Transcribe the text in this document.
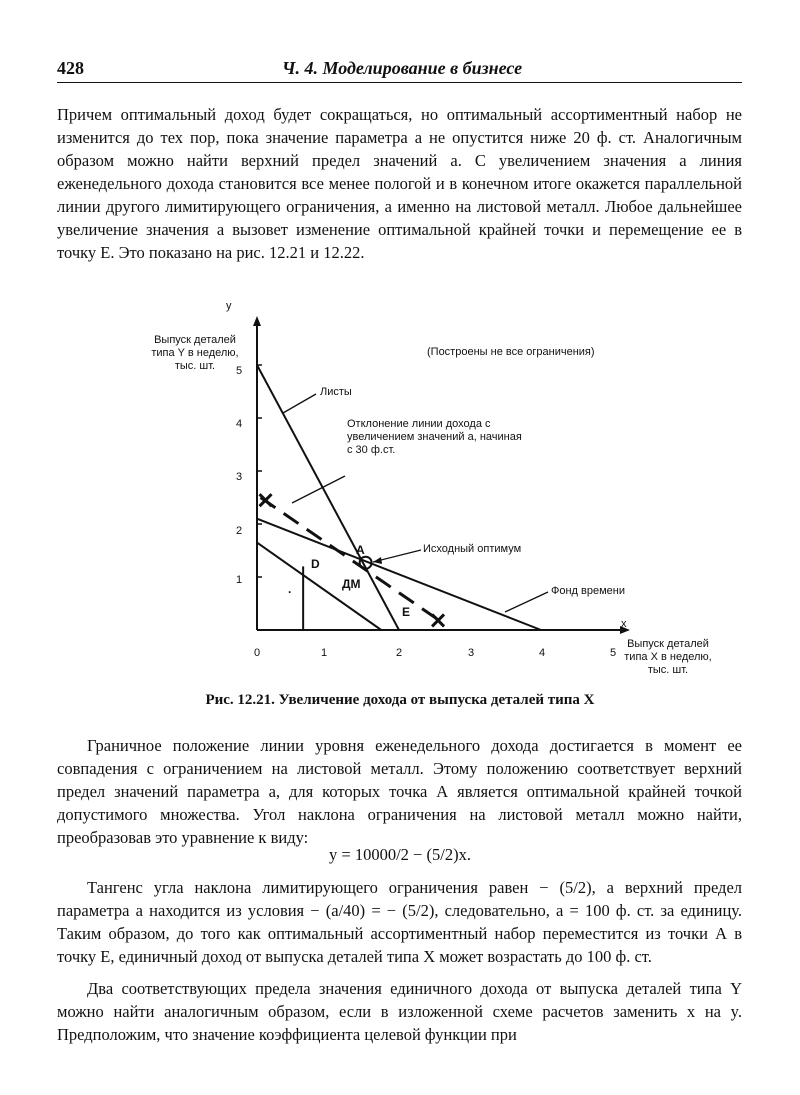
428	Ч. 4. Моделирование в бизнесе

Причем оптимальный доход будет сокращаться, но оптимальный ассортиментный набор не изменится до тех пор, пока значение параметра а не опустится ниже 20 ф. ст. Аналогичным образом можно найти верхний предел значений а. С увеличением значения а линия еженедельного дохода становится все менее пологой и в конечном итоге окажется параллельной линии другого лимитирующего ограничения, а именно на листовой металл. Любое дальнейшее увеличение значения а вызовет изменение оптимальной крайней точки и перемещение ее в точку Е. Это показано на рис. 12.21 и 12.22.

y
Выпуск деталей типа Y в неделю, тыс. шт.
(Построены не все ограничения)
Листы
Отклонение линии дохода с увеличением значений а, начиная с 30 ф.ст.
Исходный оптимум
Фонд времени
A
D
ДМ
E
.
x
Выпуск деталей типа X в неделю, тыс. шт.
0	1	2	3	4	5
1
2
3
4
5
Рис. 12.21. Увеличение дохода от выпуска деталей типа X

Граничное положение линии уровня еженедельного дохода достигается в момент ее совпадения с ограничением на листовой металл. Этому положению соответствует верхний предел значений параметра а, для которых точка А является оптимальной крайней точкой допустимого множества. Угол наклона ограничения на листовой металл можно найти, преобразовав это уравнение к виду:

y = 10000/2 − (5/2)x.

Тангенс угла наклона лимитирующего ограничения равен − (5/2), а верхний предел параметра а находится из условия − (a/40) = − (5/2), следовательно, а = 100 ф. ст. за единицу. Таким образом, до того как оптимальный ассортиментный набор переместится из точки А в точку Е, единичный доход от выпуска деталей типа X может возрастать до 100 ф. ст.

Два соответствующих предела значения единичного дохода от выпуска деталей типа Y можно найти аналогичным образом, если в изложенной схеме расчетов заменить x на y. Предположим, что значение коэффициента целевой функции при
